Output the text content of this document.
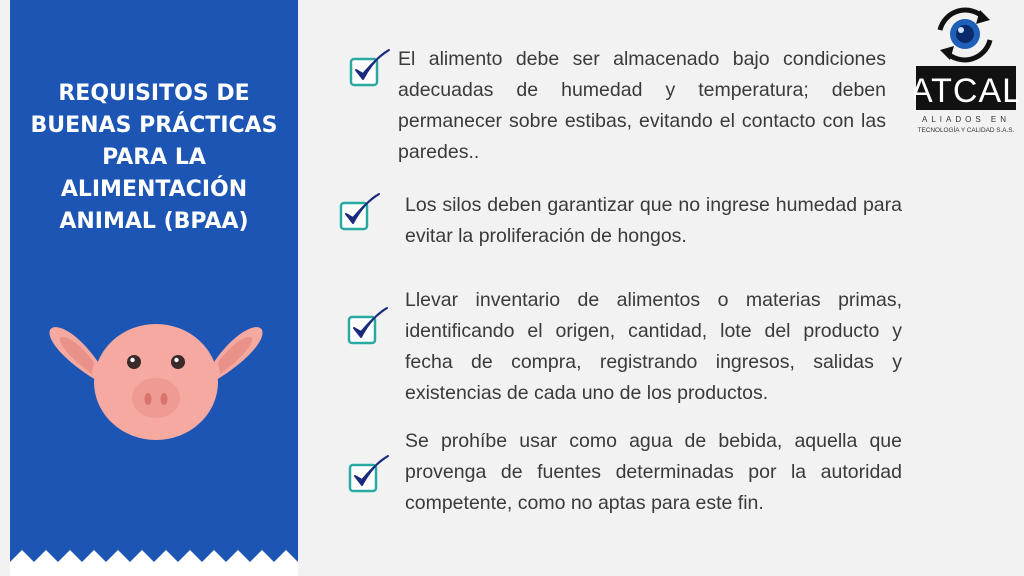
REQUISITOS DE
BUENAS PRÁCTICAS
PARA LA
ALIMENTACIÓN
ANIMAL (BPAA)

El alimento debe ser almacenado bajo condiciones adecuadas de humedad y temperatura; deben permanecer sobre estibas, evitando el contacto con las paredes..

Los silos deben garantizar que no ingrese humedad para evitar la proliferación de hongos.

Llevar inventario de alimentos o materias primas, identificando el origen, cantidad, lote del producto y fecha de compra, registrando ingresos, salidas y existencias de cada uno de los productos.

Se prohíbe usar como agua de bebida, aquella que provenga de fuentes determinadas por la autoridad competente, como no aptas para este fin.

ATCAL
ALIADOS EN
TECNOLOGÍA Y CALIDAD S.A.S.
